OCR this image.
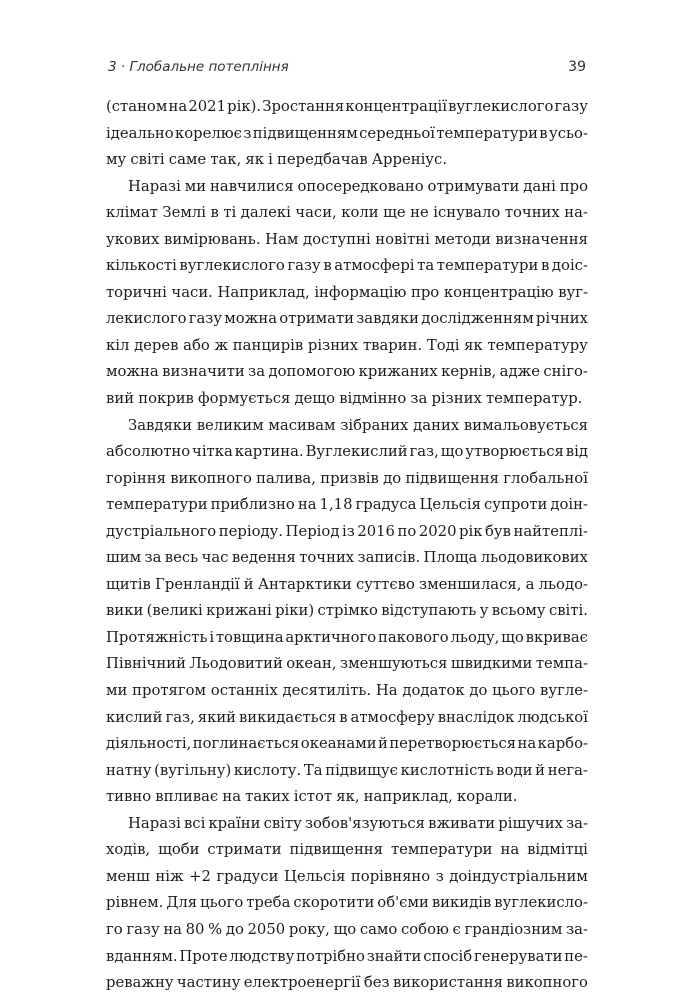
3 · Глобальне потепління	39
(станом на 2021 рік). Зростання концентрації вуглекислого газу
ідеально корелює з підвищенням середньої температури в усьо-
му світі саме так, як і передбачав Арреніус.
Наразі ми навчилися опосередковано отримувати дані про
клімат Землі в ті далекі часи, коли ще не існувало точних на-
укових вимірювань. Нам доступні новітні методи визначення
кількості вуглекислого газу в атмосфері та температури в доіс-
торичні часи. Наприклад, інформацію про концентрацію вуг-
лекислого газу можна отримати завдяки дослідженням річних
кіл дерев або ж панцирів різних тварин. Тоді як температуру
можна визначити за допомогою крижаних кернів, адже сніго-
вий покрив формується дещо відмінно за різних температур.
Завдяки великим масивам зібраних даних вимальовується
абсолютно чітка картина. Вуглекислий газ, що утворюється від
горіння викопного палива, призвів до підвищення глобальної
температури приблизно на 1,18 градуса Цельсія супроти доін-
дустріального періоду. Період із 2016 по 2020 рік був найтеплі-
шим за весь час ведення точних записів. Площа льодовикових
щитів Гренландії й Антарктики суттєво зменшилася, а льодо-
вики (великі крижані ріки) стрімко відступають у всьому світі.
Протяжність і товщина арктичного пакового льоду, що вкриває
Північний Льодовитий океан, зменшуються швидкими темпа-
ми протягом останніх десятиліть. На додаток до цього вугле-
кислий газ, який викидається в атмосферу внаслідок людської
діяльності, поглинається океанами й перетворюється на карбо-
натну (вугільну) кислоту. Та підвищує кислотність води й нега-
тивно впливає на таких істот як, наприклад, корали.
Наразі всі країни світу зобов'язуються вживати рішучих за-
ходів, щоби стримати підвищення температури на відмітці
менш ніж +2 градуси Цельсія порівняно з доіндустріальним
рівнем. Для цього треба скоротити об'єми викидів вуглекисло-
го газу на 80 % до 2050 року, що само собою є грандіозним за-
вданням. Проте людству потрібно знайти спосіб генерувати пе-
реважну частину електроенергії без використання викопного
